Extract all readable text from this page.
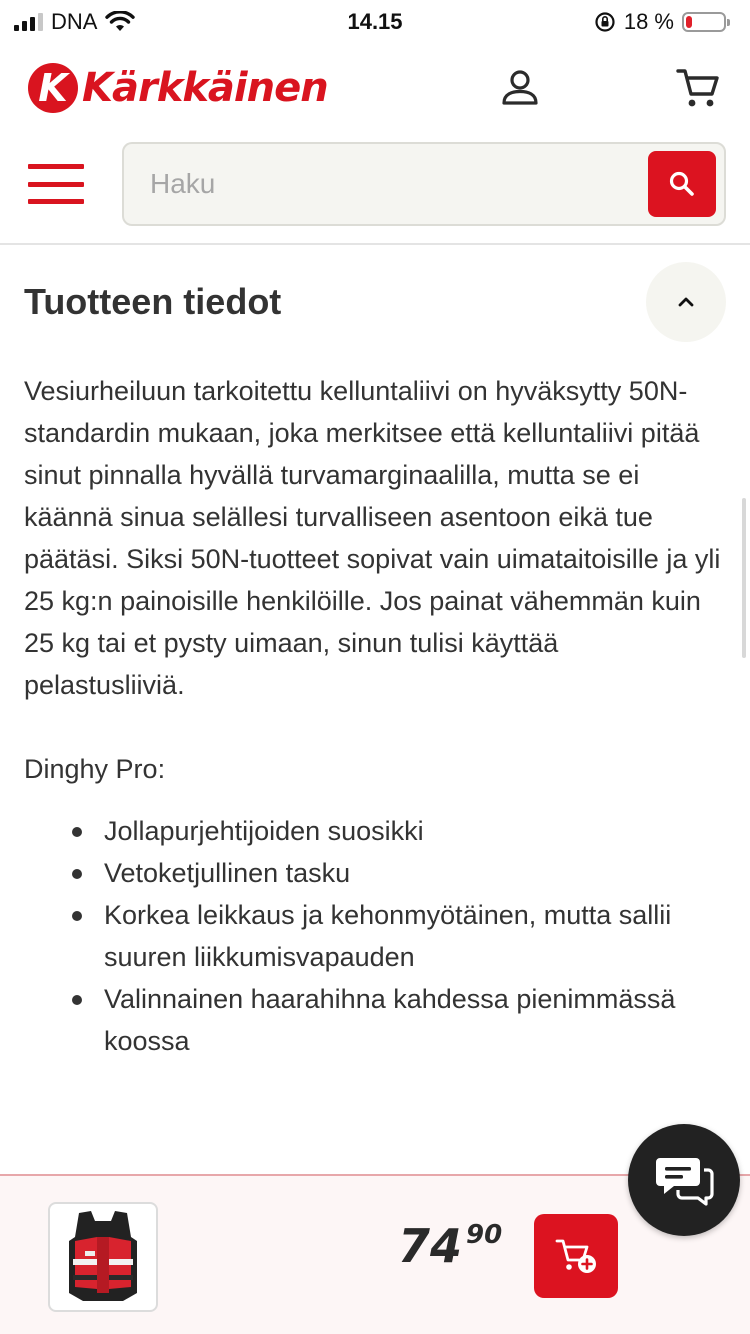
DNA	14.15	18 %
K Kärkkäinen
Haku
Tuotteen tiedot

Vesiurheiluun tarkoitettu kelluntaliivi on hyväksytty 50N-standardin mukaan, joka merkitsee että kelluntaliivi pitää sinut pinnalla hyvällä turvamarginaalilla, mutta se ei käännä sinua selällesi turvalliseen asentoon eikä tue päätäsi. Siksi 50N-tuotteet sopivat vain uimataitoisille ja yli 25 kg:n painoisille henkilöille. Jos painat vähemmän kuin 25 kg tai et pysty uimaan, sinun tulisi käyttää pelastusliiviä.

Dinghy Pro:

Jollapurjehtijoiden suosikki
Vetoketjullinen tasku
Korkea leikkaus ja kehonmyötäinen, mutta sallii suuren liikkumisvapauden
Valinnainen haarahihna kahdessa pienimmässä koossa
74 90
